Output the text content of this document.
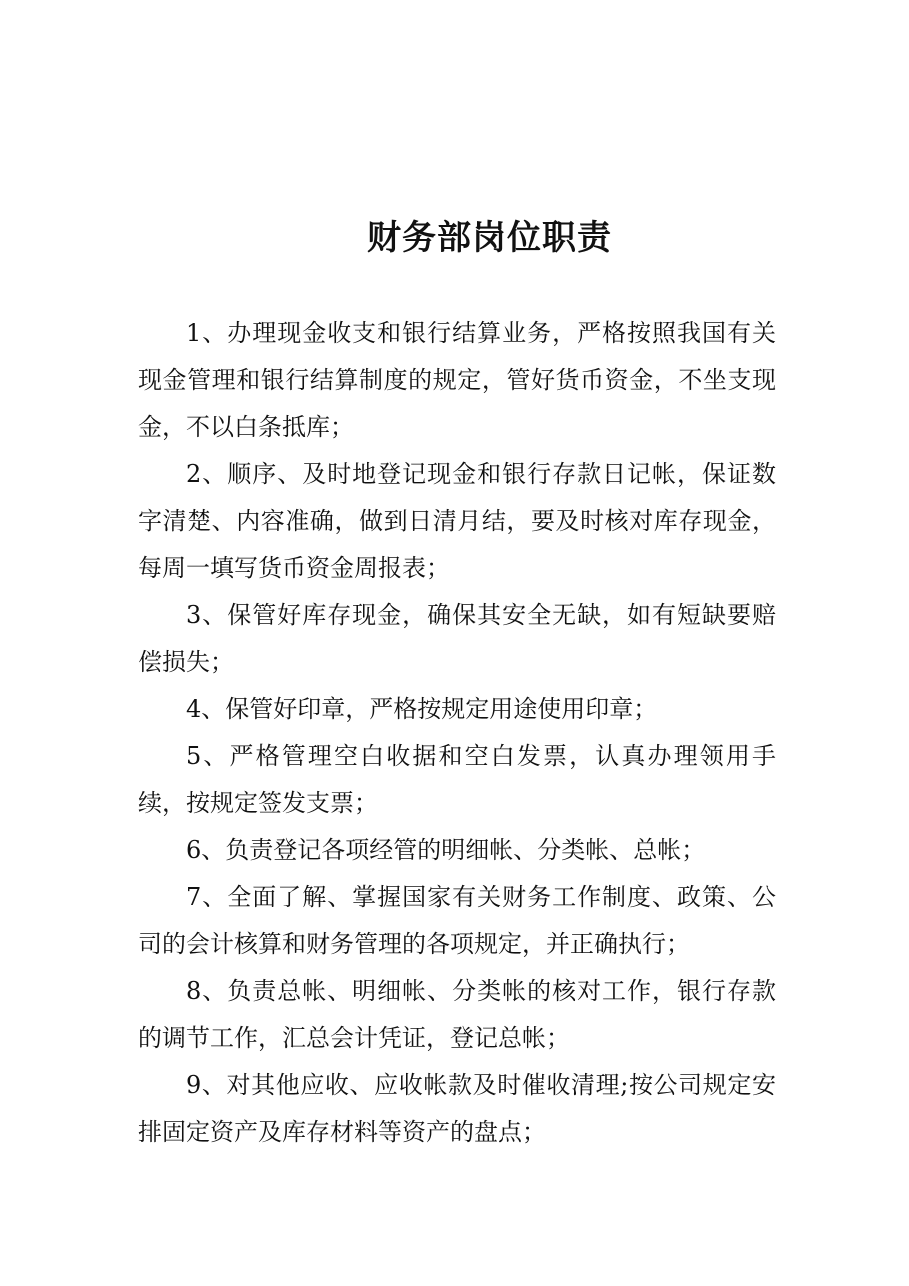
财务部岗位职责

1、办理现金收支和银行结算业务，严格按照我国有关现金管理和银行结算制度的规定，管好货币资金，不坐支现金，不以白条抵库；

2、顺序、及时地登记现金和银行存款日记帐，保证数字清楚、内容准确，做到日清月结，要及时核对库存现金，每周一填写货币资金周报表；

3、保管好库存现金，确保其安全无缺，如有短缺要赔偿损失；

4、保管好印章，严格按规定用途使用印章；

5、严格管理空白收据和空白发票，认真办理领用手续，按规定签发支票；

6、负责登记各项经管的明细帐、分类帐、总帐；

7、全面了解、掌握国家有关财务工作制度、政策、公司的会计核算和财务管理的各项规定，并正确执行；

8、负责总帐、明细帐、分类帐的核对工作，银行存款的调节工作，汇总会计凭证，登记总帐；

9、对其他应收、应收帐款及时催收清理;按公司规定安排固定资产及库存材料等资产的盘点；
